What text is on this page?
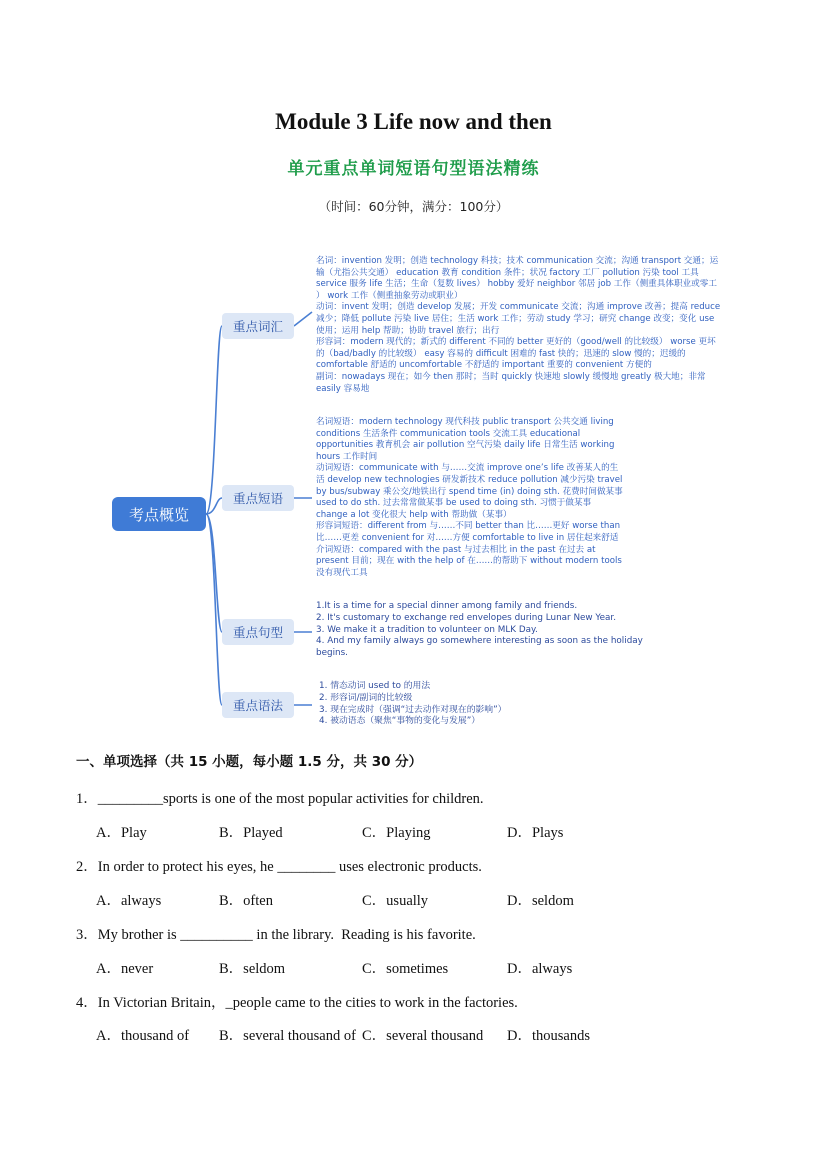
Module 3 Life now and then
单元重点单词短语句型语法精练
（时间：60分钟，满分：100分）
考点概览
重点词汇
重点短语
重点句型
重点语法
名词：invention 发明；创造 technology 科技；技术 communication 交流；沟通 transport 交通；运
输（尤指公共交通） education 教育 condition 条件；状况 factory 工厂 pollution 污染 tool 工具
service 服务 life 生活；生命（复数 lives） hobby 爱好 neighbor 邻居 job 工作（侧重具体职业或零工
） work 工作（侧重抽象劳动或职业）
动词：invent 发明；创造 develop 发展；开发 communicate 交流；沟通 improve 改善；提高 reduce
减少；降低 pollute 污染 live 居住；生活 work 工作；劳动 study 学习；研究 change 改变；变化 use
使用；运用 help 帮助；协助 travel 旅行；出行
形容词：modern 现代的；新式的 different 不同的 better 更好的（good/well 的比较级） worse 更坏
的（bad/badly 的比较级） easy 容易的 difficult 困难的 fast 快的；迅速的 slow 慢的；迟缓的
comfortable 舒适的 uncomfortable 不舒适的 important 重要的 convenient 方便的
副词：nowadays 现在；如今 then 那时；当时 quickly 快速地 slowly 缓慢地 greatly 极大地；非常
easily 容易地
名词短语：modern technology 现代科技 public transport 公共交通 living
conditions 生活条件 communication tools 交流工具 educational
opportunities 教育机会 air pollution 空气污染 daily life 日常生活 working
hours 工作时间
动词短语：communicate with 与……交流 improve one’s life 改善某人的生
活 develop new technologies 研发新技术 reduce pollution 减少污染 travel
by bus/subway 乘公交/地铁出行 spend time (in) doing sth. 花费时间做某事
used to do sth. 过去常常做某事 be used to doing sth. 习惯于做某事
change a lot 变化很大 help with 帮助做（某事）
形容词短语：different from 与……不同 better than 比……更好 worse than
比……更差 convenient for 对……方便 comfortable to live in 居住起来舒适
介词短语：compared with the past 与过去相比 in the past 在过去 at
present 目前；现在 with the help of 在……的帮助下 without modern tools
没有现代工具
1.It is a time for a special dinner among family and friends.
2. It's customary to exchange red envelopes during Lunar New Year.
3. We make it a tradition to volunteer on MLK Day.
4. And my family always go somewhere interesting as soon as the holiday
begins.
1. 情态动词 used to 的用法
2. 形容词/副词的比较级
3. 现在完成时（强调“过去动作对现在的影响”）
4. 被动语态（聚焦“事物的变化与发展”）
一、单项选择（共 15 小题，每小题 1.5 分，共 30 分）
1．_________sports is one of the most popular activities for children.
A．Play	B．Played	C．Playing	D．Plays
2．In order to protect his eyes, he ________ uses electronic products.
A．always	B．often	C．usually	D．seldom
3．My brother is __________ in the library.  Reading is his favorite.
A．never	B．seldom	C．sometimes	D．always
4．In Victorian Britain，_people came to the cities to work in the factories.
A．thousand of B．several thousand of C．several thousand D．thousands
